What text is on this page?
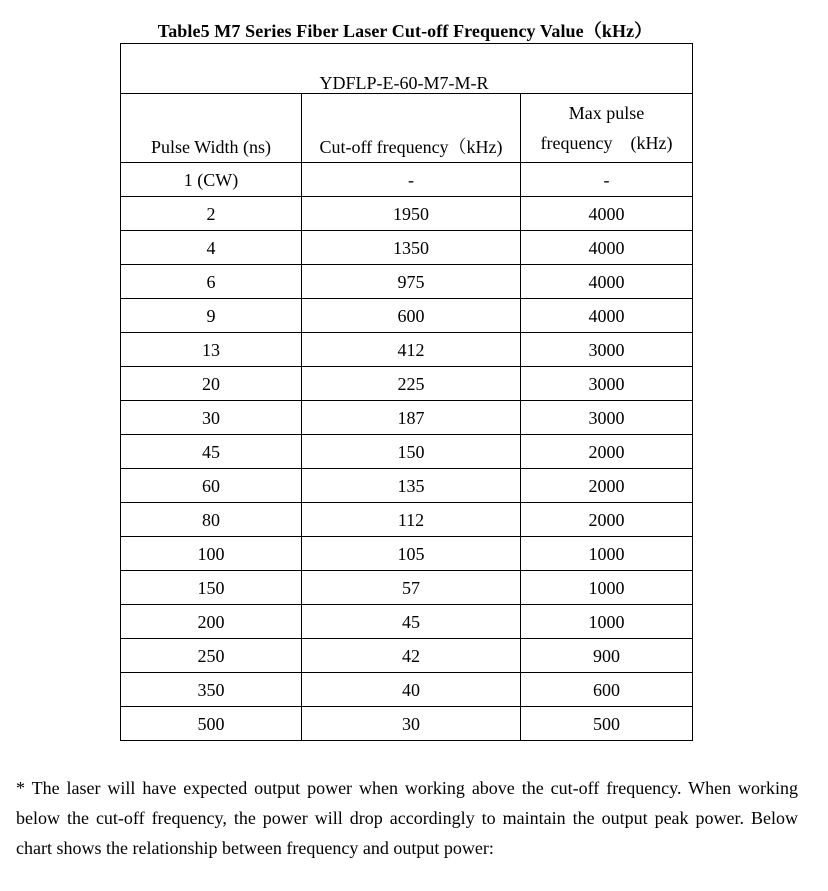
Table5 M7 Series Fiber Laser Cut-off Frequency Value（kHz）
YDFLP-E-60-M7-M-R		
Pulse Width (ns)	Cut-off frequency（kHz)	Max pulse
frequency　(kHz)
1 (CW)	-	-
2	1950	4000
4	1350	4000
6	975	4000
9	600	4000
13	412	3000
20	225	3000
30	187	3000
45	150	2000
60	135	2000
80	112	2000
100	105	1000
150	57	1000
200	45	1000
250	42	900
350	40	600
500	30	500
* The laser will have expected output power when working above the cut-off frequency. When working below the cut-off frequency, the power will drop accordingly to maintain the output peak power. Below chart shows the relationship between frequency and output power:
